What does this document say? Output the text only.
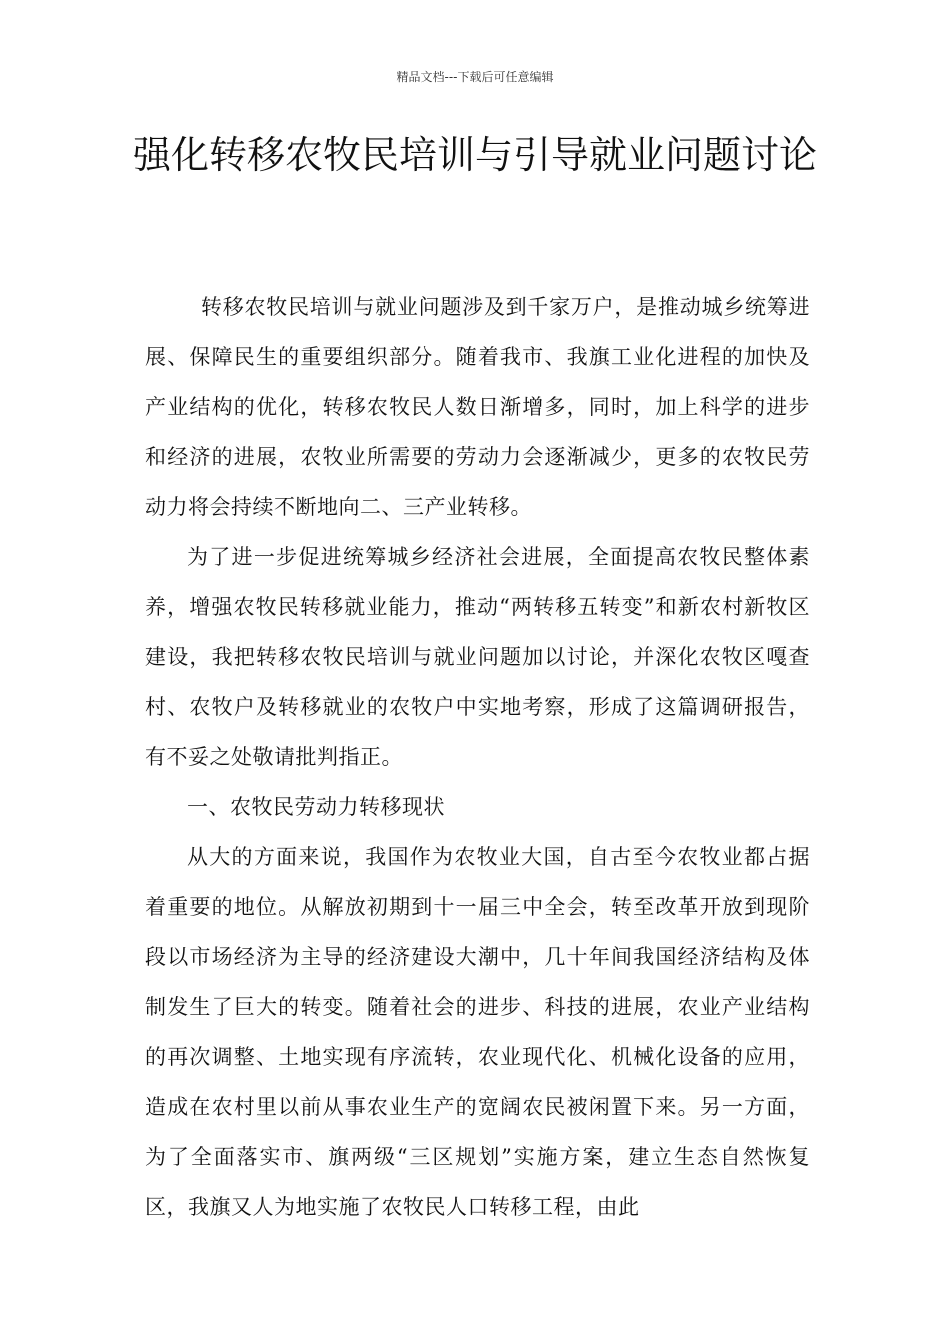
精品文档---下载后可任意编辑
强化转移农牧民培训与引导就业问题讨论

转移农牧民培训与就业问题涉及到千家万户，是推动城乡统筹进展、保障民生的重要组织部分。随着我市、我旗工业化进程的加快及产业结构的优化，转移农牧民人数日渐增多，同时，加上科学的进步和经济的进展，农牧业所需要的劳动力会逐渐减少，更多的农牧民劳动力将会持续不断地向二、三产业转移。

为了进一步促进统筹城乡经济社会进展，全面提高农牧民整体素养，增强农牧民转移就业能力，推动“两转移五转变”和新农村新牧区建设，我把转移农牧民培训与就业问题加以讨论，并深化农牧区嘎查村、农牧户及转移就业的农牧户中实地考察，形成了这篇调研报告，有不妥之处敬请批判指正。

一、农牧民劳动力转移现状

从大的方面来说，我国作为农牧业大国，自古至今农牧业都占据着重要的地位。从解放初期到十一届三中全会，转至改革开放到现阶段以市场经济为主导的经济建设大潮中，几十年间我国经济结构及体制发生了巨大的转变。随着社会的进步、科技的进展，农业产业结构的再次调整、土地实现有序流转，农业现代化、机械化设备的应用，造成在农村里以前从事农业生产的宽阔农民被闲置下来。另一方面，为了全面落实市、旗两级“三区规划”实施方案，建立生态自然恢复区，我旗又人为地实施了农牧民人口转移工程，由此
